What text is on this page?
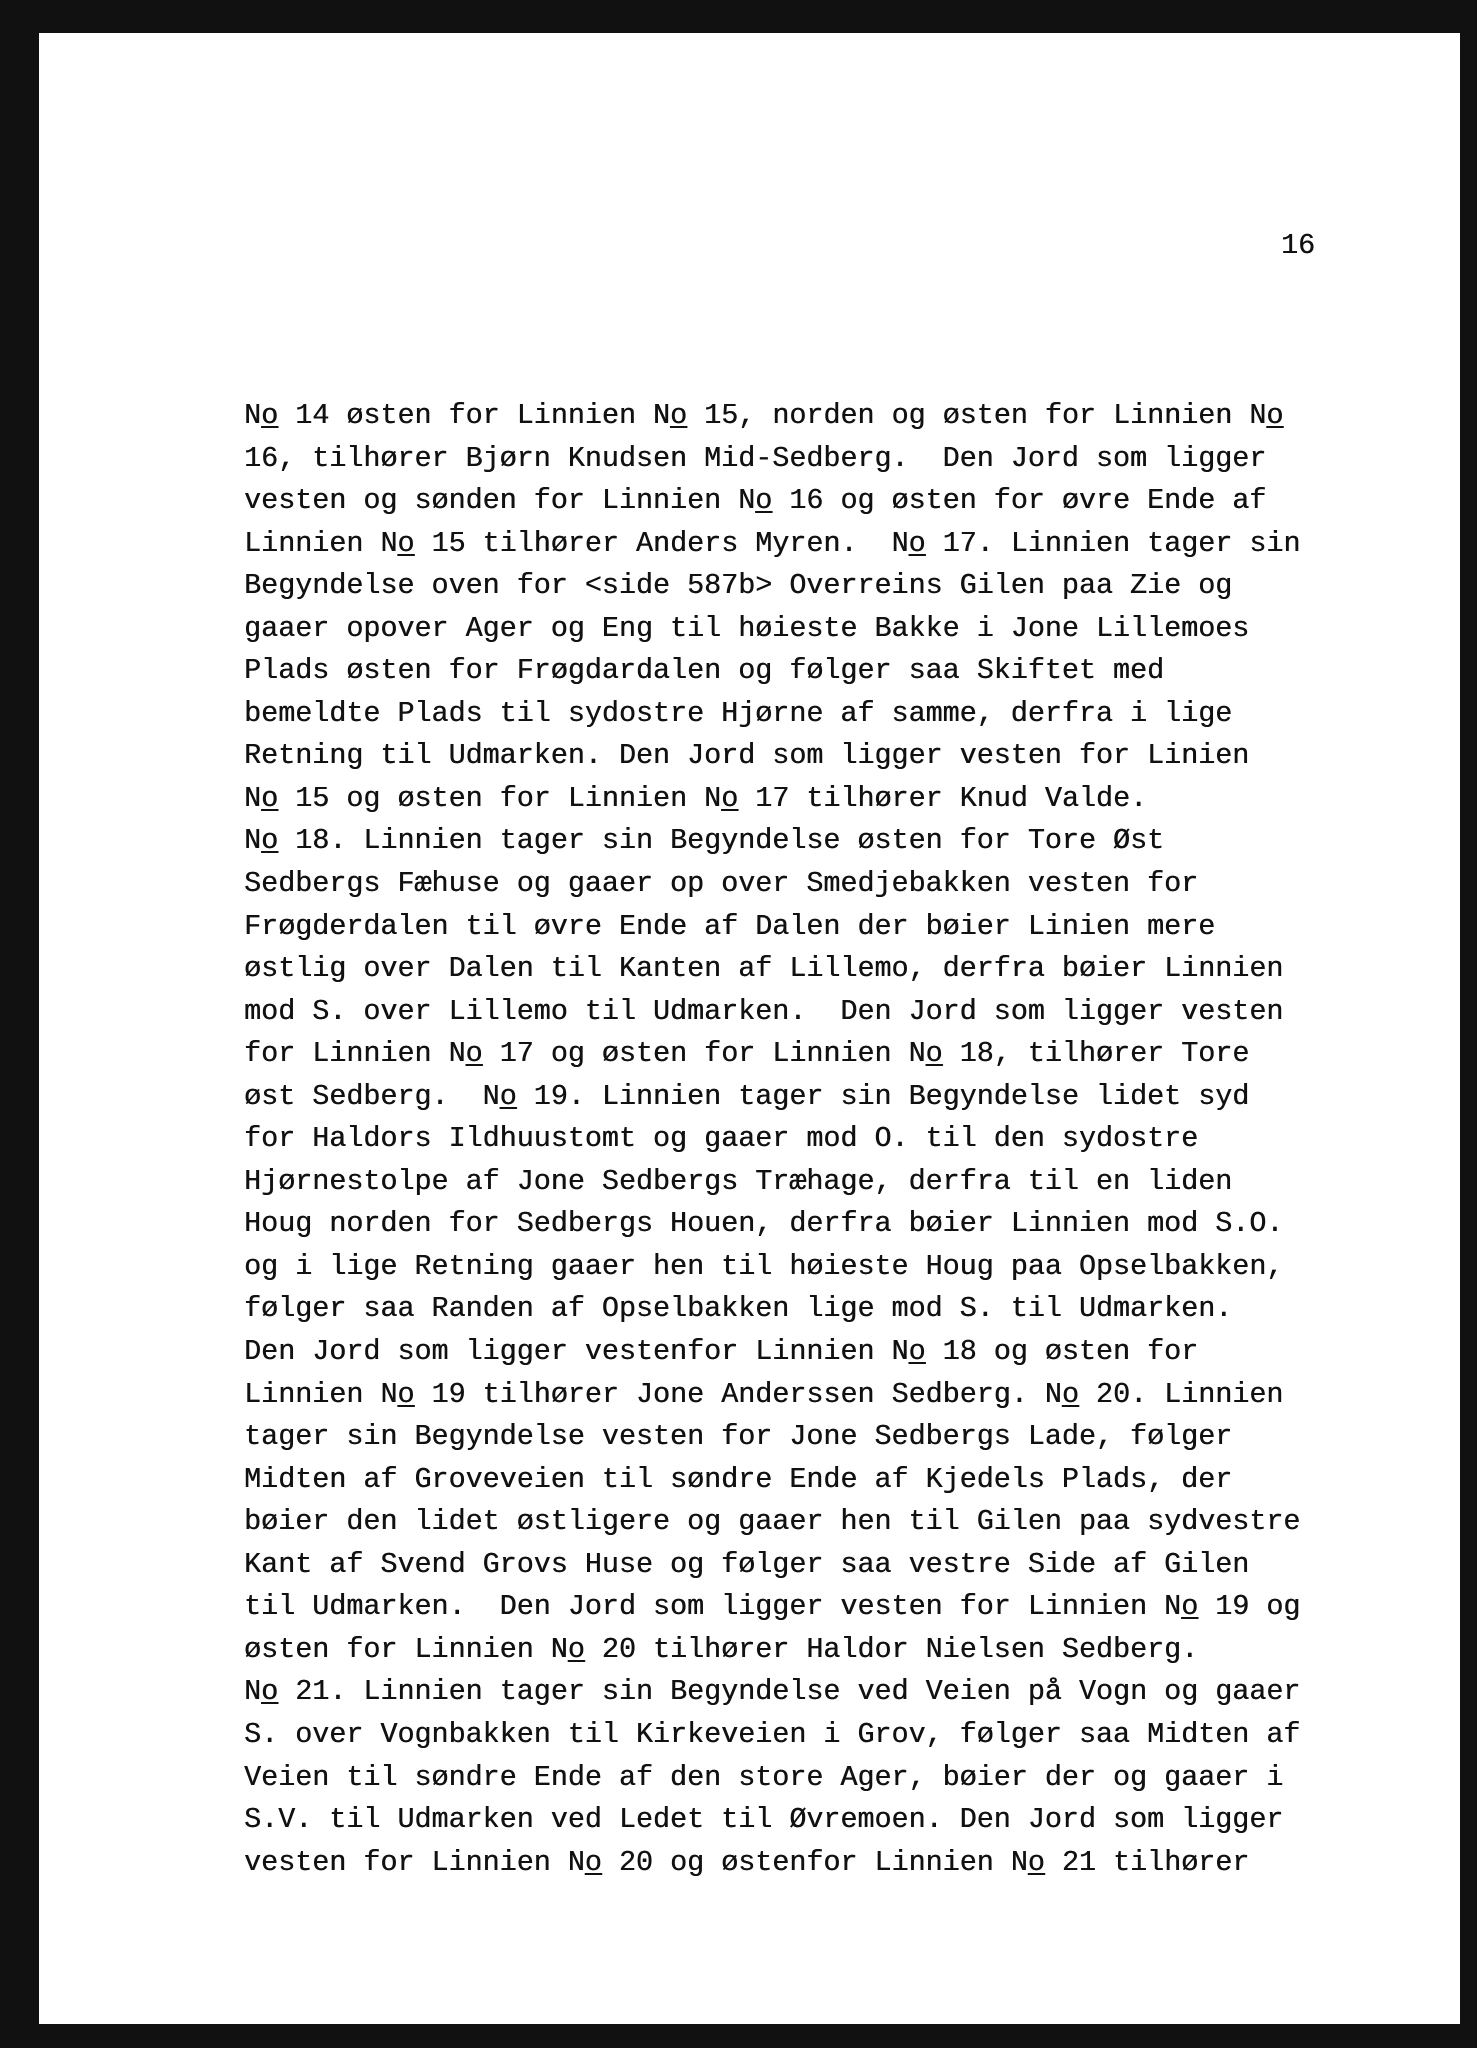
16
No 14 østen for Linnien No 15, norden og østen for Linnien No
16, tilhører Bjørn Knudsen Mid-Sedberg.  Den Jord som ligger
vesten og sønden for Linnien No 16 og østen for øvre Ende af
Linnien No 15 tilhører Anders Myren.  No 17. Linnien tager sin
Begyndelse oven for <side 587b> Overreins Gilen paa Zie og
gaaer opover Ager og Eng til høieste Bakke i Jone Lillemoes
Plads østen for Frøgdardalen og følger saa Skiftet med
bemeldte Plads til sydostre Hjørne af samme, derfra i lige
Retning til Udmarken. Den Jord som ligger vesten for Linien
No 15 og østen for Linnien No 17 tilhører Knud Valde.
No 18. Linnien tager sin Begyndelse østen for Tore Øst
Sedbergs Fæhuse og gaaer op over Smedjebakken vesten for
Frøgderdalen til øvre Ende af Dalen der bøier Linien mere
østlig over Dalen til Kanten af Lillemo, derfra bøier Linnien
mod S. over Lillemo til Udmarken.  Den Jord som ligger vesten
for Linnien No 17 og østen for Linnien No 18, tilhører Tore
øst Sedberg.  No 19. Linnien tager sin Begyndelse lidet syd
for Haldors Ildhuustomt og gaaer mod O. til den sydostre
Hjørnestolpe af Jone Sedbergs Træhage, derfra til en liden
Houg norden for Sedbergs Houen, derfra bøier Linnien mod S.O.
og i lige Retning gaaer hen til høieste Houg paa Opselbakken,
følger saa Randen af Opselbakken lige mod S. til Udmarken.
Den Jord som ligger vestenfor Linnien No 18 og østen for
Linnien No 19 tilhører Jone Anderssen Sedberg. No 20. Linnien
tager sin Begyndelse vesten for Jone Sedbergs Lade, følger
Midten af Groveveien til søndre Ende af Kjedels Plads, der
bøier den lidet østligere og gaaer hen til Gilen paa sydvestre
Kant af Svend Grovs Huse og følger saa vestre Side af Gilen
til Udmarken.  Den Jord som ligger vesten for Linnien No 19 og
østen for Linnien No 20 tilhører Haldor Nielsen Sedberg.
No 21. Linnien tager sin Begyndelse ved Veien på Vogn og gaaer
S. over Vognbakken til Kirkeveien i Grov, følger saa Midten af
Veien til søndre Ende af den store Ager, bøier der og gaaer i
S.V. til Udmarken ved Ledet til Øvremoen. Den Jord som ligger
vesten for Linnien No 20 og østenfor Linnien No 21 tilhører
